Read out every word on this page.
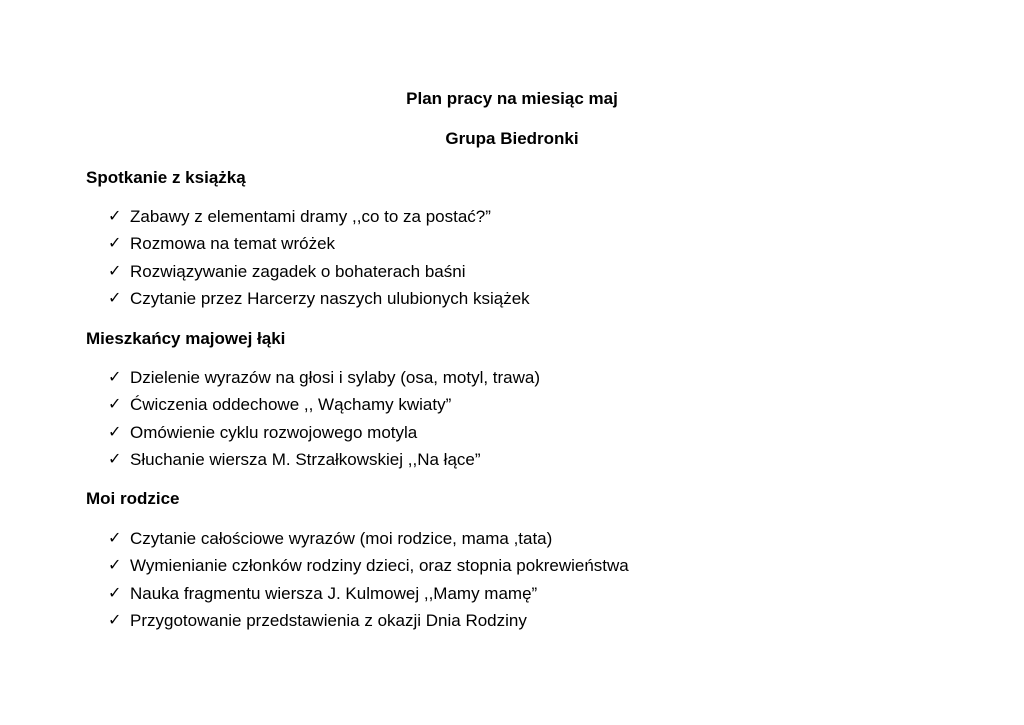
Plan pracy na miesiąc maj
Grupa Biedronki
Spotkanie z książką
✓ Zabawy z elementami dramy ,,co to za postać?”
✓ Rozmowa na temat wróżek
✓ Rozwiązywanie zagadek o bohaterach baśni
✓ Czytanie przez Harcerzy naszych ulubionych książek
Mieszkańcy majowej łąki
✓ Dzielenie wyrazów na głosi i sylaby (osa, motyl, trawa)
✓ Ćwiczenia oddechowe ,, Wąchamy kwiaty”
✓ Omówienie cyklu rozwojowego motyla
✓ Słuchanie wiersza M. Strzałkowskiej ,,Na łące”
Moi rodzice
✓ Czytanie całościowe wyrazów (moi rodzice, mama ,tata)
✓ Wymienianie członków rodziny dzieci, oraz stopnia pokrewieństwa
✓ Nauka fragmentu wiersza J. Kulmowej ,,Mamy mamę”
✓ Przygotowanie przedstawienia z okazji Dnia Rodziny
